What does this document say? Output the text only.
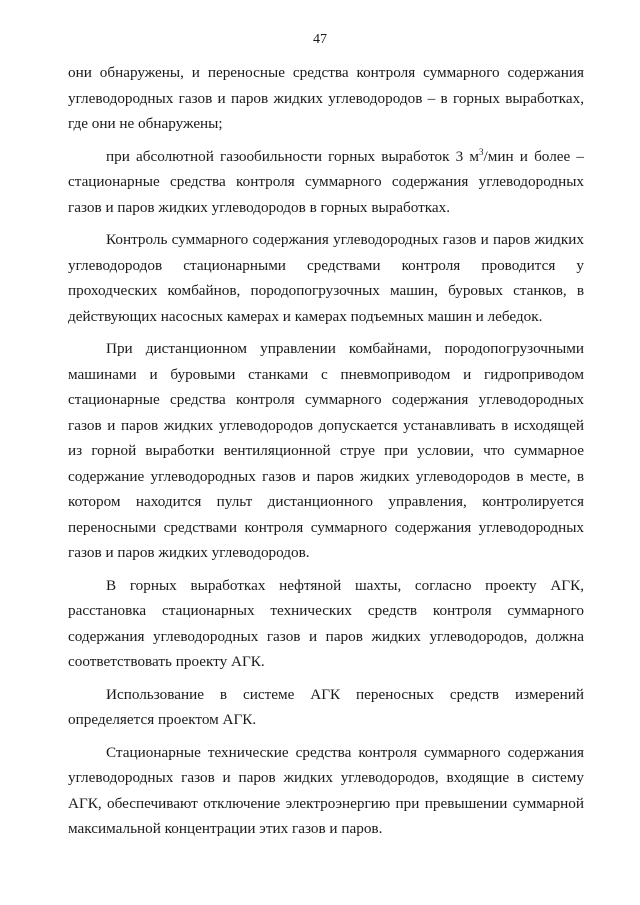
47
они обнаружены, и переносные средства контроля суммарного содержания
углеводородных газов и паров жидких углеводородов – в горных выработках,
где они не обнаружены;
при абсолютной газообильности горных выработок 3 $м^3$/мин и более –
стационарные средства контроля суммарного содержания углеводородных
газов и паров жидких углеводородов в горных выработках.
Контроль суммарного содержания углеводородных газов и паров жидких
углеводородов стационарными средствами контроля проводится у
проходческих комбайнов, породопогрузочных машин, буровых станков, в
действующих насосных камерах и камерах подъемных машин и лебедок.
При дистанционном управлении комбайнами, породопогрузочными
машинами и буровыми станками с пневмоприводом и гидроприводом
стационарные средства контроля суммарного содержания углеводородных
газов и паров жидких углеводородов допускается устанавливать в исходящей
из горной выработки вентиляционной струе при условии, что суммарное
содержание углеводородных газов и паров жидких углеводородов в месте, в
котором находится пульт дистанционного управления, контролируется
переносными средствами контроля суммарного содержания углеводородных
газов и паров жидких углеводородов.
В горных выработках нефтяной шахты, согласно проекту АГК,
расстановка стационарных технических средств контроля суммарного
содержания углеводородных газов и паров жидких углеводородов, должна
соответствовать проекту АГК.
Использование в системе АГК переносных средств измерений
определяется проектом АГК.
Стационарные технические средства контроля суммарного содержания
углеводородных газов и паров жидких углеводородов, входящие в систему
АГК, обеспечивают отключение электроэнергию при превышении суммарной
максимальной концентрации этих газов и паров.
